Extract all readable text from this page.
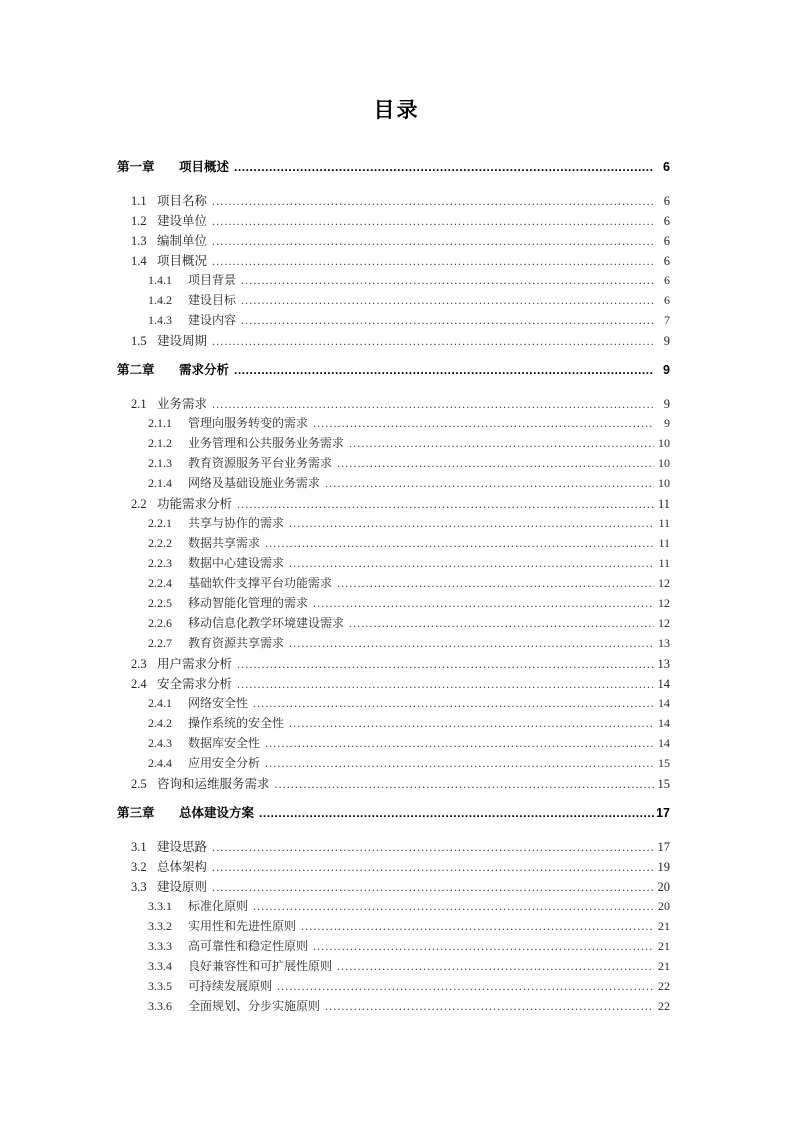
目录
第一章	项目概述 .....	6
1.1 项目名称 .....	6
1.2 建设单位 .....	6
1.3 编制单位 .....	6
1.4 项目概况 .....	6
1.4.1	项目背景 .....	6
1.4.2	建设目标 .....	6
1.4.3	建设内容 .....	7
1.5 建设周期 .....	9
第二章	需求分析 .....	9
2.1 业务需求 .....	9
2.1.1	管理向服务转变的需求 .....	9
2.1.2	业务管理和公共服务业务需求 .....	10
2.1.3	教育资源服务平台业务需求 .....	10
2.1.4	网络及基础设施业务需求 .....	10
2.2 功能需求分析 .....	11
2.2.1	共享与协作的需求 .....	11
2.2.2	数据共享需求 .....	11
2.2.3	数据中心建设需求 .....	11
2.2.4	基础软件支撑平台功能需求 .....	12
2.2.5	移动智能化管理的需求 .....	12
2.2.6	移动信息化教学环境建设需求 .....	12
2.2.7	教育资源共享需求 .....	13
2.3 用户需求分析 .....	13
2.4 安全需求分析 .....	14
2.4.1	网络安全性 .....	14
2.4.2	操作系统的安全性 .....	14
2.4.3	数据库安全性 .....	14
2.4.4	应用安全分析 .....	15
2.5 咨询和运维服务需求 .....	15
第三章	总体建设方案 .....	17
3.1 建设思路 .....	17
3.2 总体架构 .....	19
3.3 建设原则 .....	20
3.3.1	标准化原则 .....	20
3.3.2	实用性和先进性原则 .....	21
3.3.3	高可靠性和稳定性原则 .....	21
3.3.4	良好兼容性和可扩展性原则 .....	21
3.3.5	可持续发展原则 .....	22
3.3.6	全面规划、分步实施原则 .....	22
